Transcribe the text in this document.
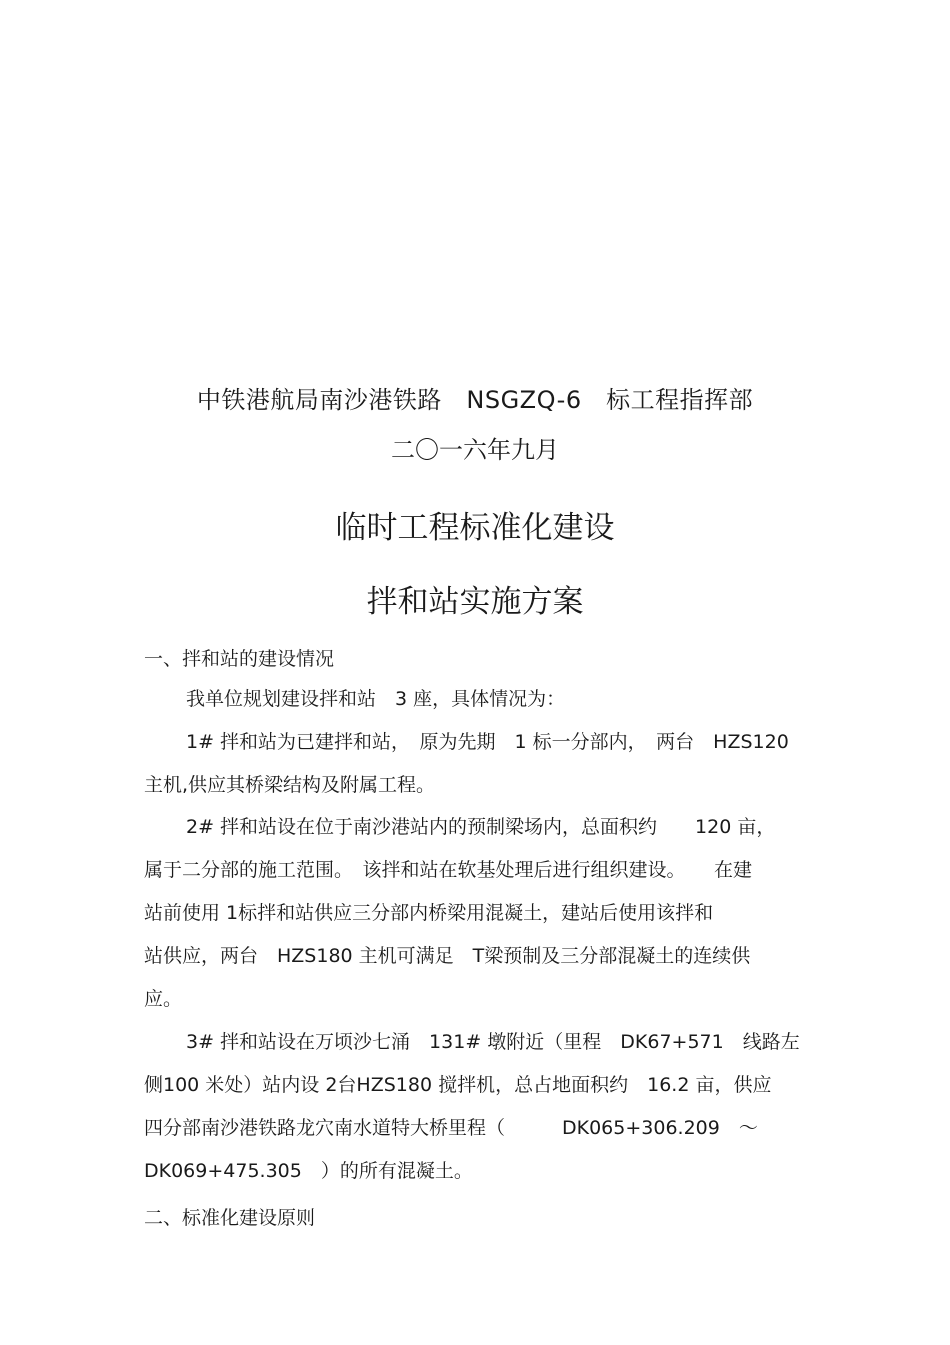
中铁港航局南沙港铁路　NSGZQ-6　标工程指挥部
二〇一六年九月
临时工程标准化建设
拌和站实施方案
一、拌和站的建设情况
我单位规划建设拌和站　3 座，具体情况为：
1# 拌和站为已建拌和站，　原为先期　1 标一分部内，　两台　HZS120
主机,供应其桥梁结构及附属工程。
2# 拌和站设在位于南沙港站内的预制梁场内，总面积约　　120 亩，
属于二分部的施工范围。　该拌和站在软基处理后进行组织建设。　　在建
站前使用 1标拌和站供应三分部内桥梁用混凝土，建站后使用该拌和
站供应，两台　HZS180 主机可满足　T梁预制及三分部混凝土的连续供
应。
3# 拌和站设在万顷沙七涌　131# 墩附近（里程　DK67+571　线路左
侧100 米处）站内设 2台HZS180 搅拌机，总占地面积约　16.2 亩，供应
四分部南沙港铁路龙穴南水道特大桥里程（　　　DK065+306.209　～
DK069+475.305　）的所有混凝土。
二、标准化建设原则
